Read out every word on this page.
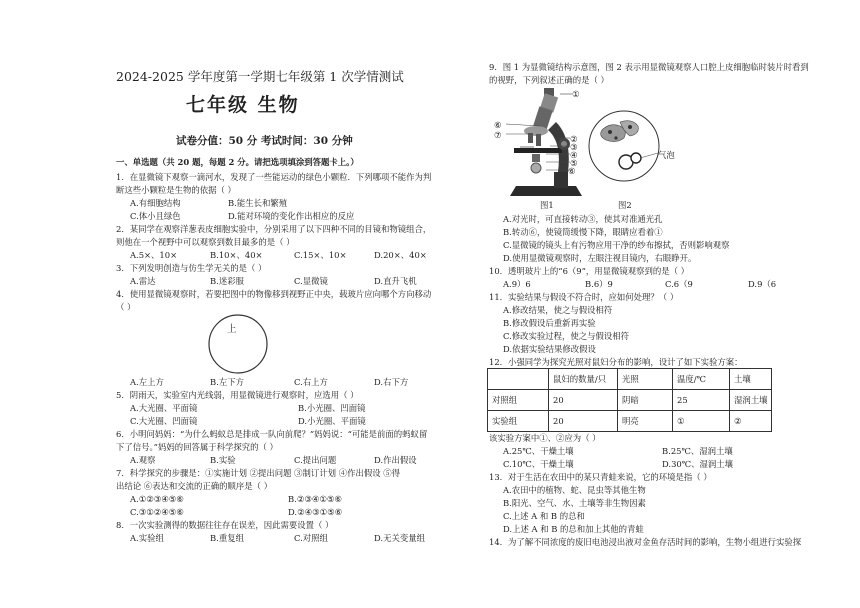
2024-2025 学年度第一学期七年级第 1 次学情测试
七年级 生物
试卷分值：50 分 考试时间：30 分钟
一、单选题（共 20 题，每题 2 分。请把选项填涂到答题卡上。）
1．在显微镜下观察一滴河水，发现了一些能运动的绿色小颗粒．下列哪项不能作为判
断这些小颗粒是生物的依据（ ）
A.有细胞结构	B.能生长和繁殖
C.体小且绿色	D.能对环境的变化作出相应的反应
2．某同学在观察洋葱表皮细胞实验中，分别采用了以下四种不同的目镜和物镜组合，
则他在一个视野中可以观察到数目最多的是（ ）
A.5×、10×	B.10×、40×	C.15×、10×	D.20×、40×
3．下列发明创造与仿生学无关的是（ ）
A.雷达	B.迷彩服	C.显微镜	D.直升飞机
4．使用显微镜观察时，若要把图中的物像移到视野正中央，载玻片应向哪个方向移动
（ ）
上
A.左上方	B.左下方	C.右上方	D.右下方
5．阴雨天，实验室内光线弱，用显微镜进行观察时，应选用（ ）
A.大光圈、平面镜	B.小光圈、凹面镜
C.大光圈、凹面镜	D.小光圈、平面镜
6．小明问妈妈：“为什么蚂蚁总是排成一队向前爬？”妈妈说：“可能是前面的蚂蚁留
下了信号。”妈妈的回答属于科学探究的（ ）
A.观察	B.实验	C.提出问题	D.作出假设
7．科学探究的步骤是：①实施计划 ②提出问题 ③制订计划 ④作出假设 ⑤得
出结论 ⑥表达和交流的正确的顺序是（ ）
A.①②③④⑤⑥	B.②③④①⑤⑥
C.③①②④⑤⑥	D.②④③①⑤⑥
8．一次实验测得的数据往往存在误差，因此需要设置（ ）
A.实验组	B.重复组	C.对照组	D.无关变量组
9．图 1 为显微镜结构示意图，图 2 表示用显微镜观察人口腔上皮细胞临时装片时看到
的视野，下列叙述正确的是（ ）
①
⑥
⑦	②
③
④
⑤
⑥
图1
气泡
图2
A.对光时，可直接转动③，使其对准通光孔
B.转动⑥，使镜筒缓慢下降，眼睛应看着①
C.显微镜的镜头上有污物应用干净的纱布擦拭，否则影响观察
D.使用显微镜观察时，左眼注视目镜内，右眼睁开。
10．透明玻片上的“6（9”，用显微镜观察到的是（ ）
A.9）6	B.6）9	C.6（9	D.9（6
11．实验结果与假设不符合时，应如何处理？（ ）
A.修改结果，使之与假设相符
B.修改假设后重新再实验
C.修改实验过程，使之与假设相符
D.依据实验结果修改假设
12．小强同学为探究光照对鼠妇分布的影响，设计了如下实验方案：
	鼠妇的数量/只	光照	温度/℃	土壤
对照组	20	阴暗	25	湿润土壤
实验组	20	明亮	①	②
该实验方案中①、②应为（ ）
A.25℃、干燥土壤	B.25℃、湿润土壤
C.10℃、干燥土壤	D.30℃、湿润土壤
13．对于生活在农田中的某只青蛙来说，它的环境是指（ ）
A.农田中的植物、蛇、昆虫等其他生物
B.阳光、空气、水、土壤等非生物因素
C.上述 A 和 B 的总和
D.上述 A 和 B 的总和加上其他的青蛙
14．为了解不同浓度的废旧电池浸出液对金鱼存活时间的影响，生物小组进行实验探
